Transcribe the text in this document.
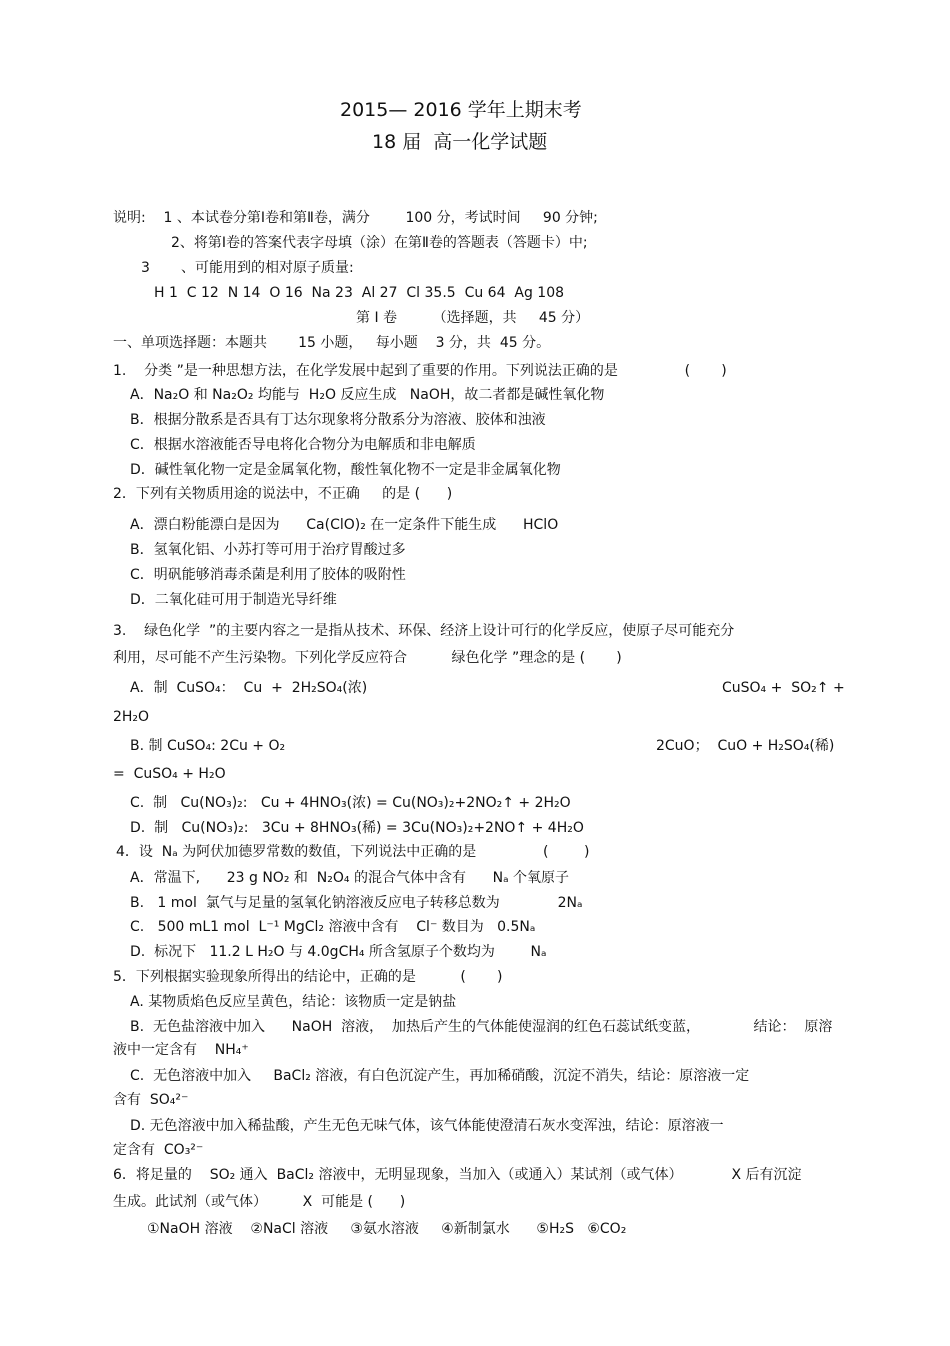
2015— 2016 学年上期末考
18 届  高一化学试题
说明:    1 、本试卷分第Ⅰ卷和第Ⅱ卷，满分        100 分，考试时间     90 分钟;
2、将第Ⅰ卷的答案代表字母填（涂）在第Ⅱ卷的答题表（答题卡）中;
3       、可能用到的相对原子质量:
H 1  C 12  N 14  O 16  Na 23  Al 27  Cl 35.5  Cu 64  Ag 108
第 Ⅰ 卷        （选择题，共     45 分）
一、单项选择题：本题共       15 小题，   每小题    3 分，共  45 分。
1.    分类 ”是一种思想方法，在化学发展中起到了重要的作用。下列说法正确的是               (       )
A．Na₂O 和 Na₂O₂ 均能与  H₂O 反应生成   NaOH，故二者都是碱性氧化物
B．根据分散系是否具有丁达尔现象将分散系分为溶液、胶体和浊液
C．根据水溶液能否导电将化合物分为电解质和非电解质
D．碱性氧化物一定是金属氧化物，酸性氧化物不一定是非金属氧化物
2．下列有关物质用途的说法中，不正确     的是 (      )
A．漂白粉能漂白是因为      Ca(ClO)₂ 在一定条件下能生成      HClO
B．氢氧化铝、小苏打等可用于治疗胃酸过多
C．明矾能够消毒杀菌是利用了胶体的吸附性
D．二氧化硅可用于制造光导纤维
3.    绿色化学  ”的主要内容之一是指从技术、环保、经济上设计可行的化学反应，使原子尽可能充分
利用，尽可能不产生污染物。下列化学反应符合          绿色化学 ”理念的是 (       )
A．制  CuSO₄：  Cu  +  2H₂SO₄(浓)	CuSO₄ +  SO₂↑ +
2H₂O
B. 制 CuSO₄: 2Cu + O₂	2CuO；  CuO + H₂SO₄(稀)
=  CuSO₄ + H₂O
C.  制   Cu(NO₃)₂:   Cu + 4HNO₃(浓) = Cu(NO₃)₂+2NO₂↑ + 2H₂O
D.  制   Cu(NO₃)₂:   3Cu + 8HNO₃(稀) = 3Cu(NO₃)₂+2NO↑ + 4H₂O
4．设  Nₐ 为阿伏加德罗常数的数值，下列说法中正确的是               (        )
A．常温下,      23 g NO₂ 和  N₂O₄ 的混合气体中含有      Nₐ 个氧原子
B.   1 mol  氯气与足量的氢氧化钠溶液反应电子转移总数为             2Nₐ
C.   500 mL1 mol  L⁻¹ MgCl₂ 溶液中含有    Cl⁻ 数目为   0.5Nₐ
D.  标况下   11.2 L H₂O 与 4.0gCH₄ 所含氢原子个数均为        Nₐ
5．下列根据实验现象所得出的结论中，正确的是          (       )
A. 某物质焰色反应呈黄色，结论：该物质一定是钠盐
B.  无色盐溶液中加入      NaOH  溶液，  加热后产生的气体能使湿润的红色石蕊试纸变蓝，            结论：  原溶
液中一定含有    NH₄⁺
C.  无色溶液中加入     BaCl₂ 溶液，有白色沉淀产生，再加稀硝酸，沉淀不消失，结论：原溶液一定
含有  SO₄²⁻
D. 无色溶液中加入稀盐酸，产生无色无味气体，该气体能使澄清石灰水变浑浊，结论：原溶液一
定含有  CO₃²⁻
6．将足量的    SO₂ 通入  BaCl₂ 溶液中，无明显现象，当加入（或通入）某试剂（或气体）           X 后有沉淀
生成。此试剂（或气体）        X  可能是 (      )
①NaOH 溶液    ②NaCl 溶液     ③氨水溶液     ④新制氯水      ⑤H₂S   ⑥CO₂
